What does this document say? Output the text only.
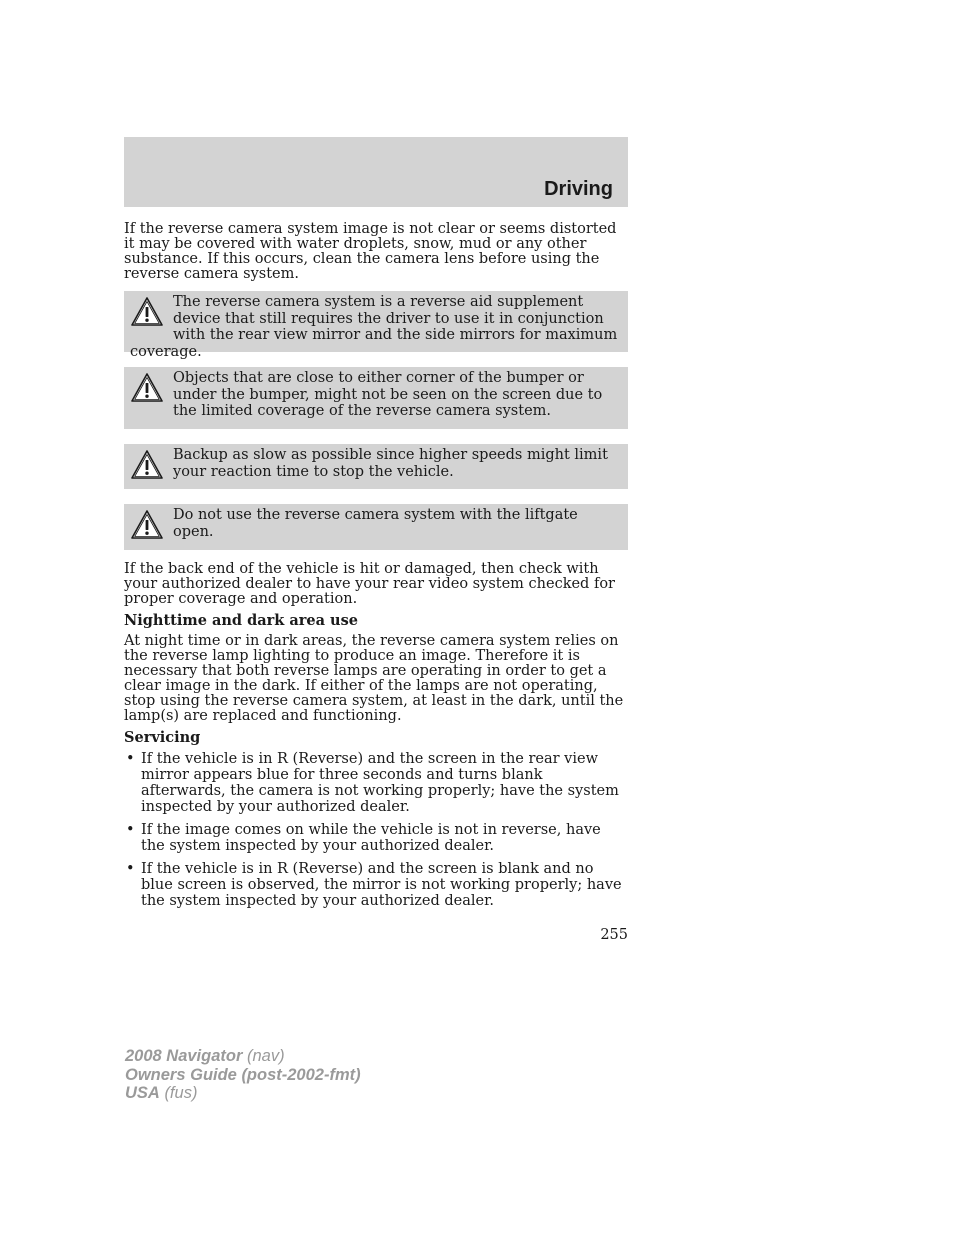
Driving

If the reverse camera system image is not clear or seems distorted it may be covered with water droplets, snow, mud or any other substance. If this occurs, clean the camera lens before using the reverse camera system.

The reverse camera system is a reverse aid supplement device that still requires the driver to use it in conjunction with the rear view mirror and the side mirrors for maximum coverage.
Objects that are close to either corner of the bumper or under the bumper, might not be seen on the screen due to the limited coverage of the reverse camera system.
Backup as slow as possible since higher speeds might limit your reaction time to stop the vehicle.
Do not use the reverse camera system with the liftgate open.

If the back end of the vehicle is hit or damaged, then check with your authorized dealer to have your rear video system checked for proper coverage and operation.

Nighttime and dark area use

At night time or in dark areas, the reverse camera system relies on the reverse lamp lighting to produce an image. Therefore it is necessary that both reverse lamps are operating in order to get a clear image in the dark. If either of the lamps are not operating, stop using the reverse camera system, at least in the dark, until the lamp(s) are replaced and functioning.

Servicing

• If the vehicle is in R (Reverse) and the screen in the rear view mirror appears blue for three seconds and turns blank afterwards, the camera is not working properly; have the system inspected by your authorized dealer.
• If the image comes on while the vehicle is not in reverse, have the system inspected by your authorized dealer.
• If the vehicle is in R (Reverse) and the screen is blank and no blue screen is observed, the mirror is not working properly; have the system inspected by your authorized dealer.
255
2008 Navigator (nav)
Owners Guide (post-2002-fmt)
USA (fus)
